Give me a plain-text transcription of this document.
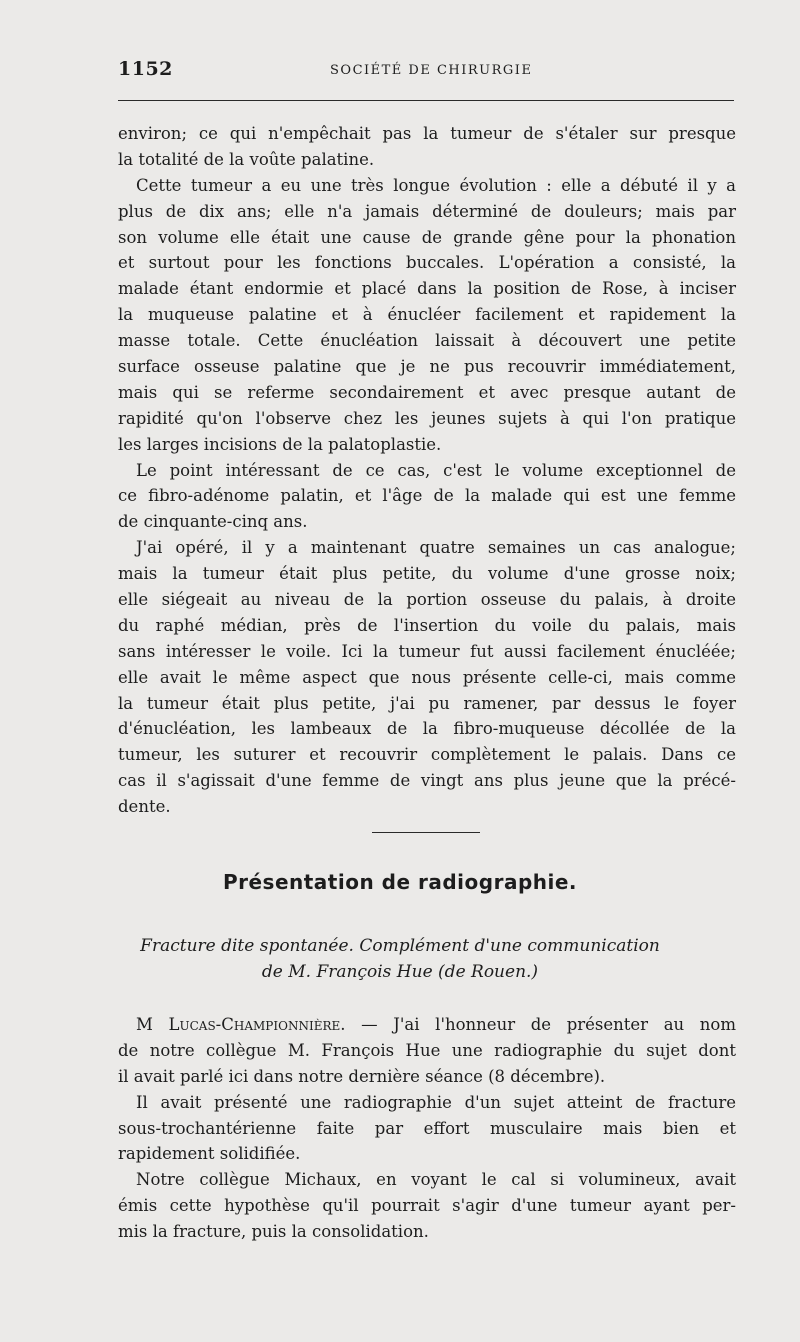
1152	SOCIÉTÉ DE CHIRURGIE
environ; ce qui n'empêchait pas la tumeur de s'étaler sur presque
la totalité de la voûte palatine.
Cette tumeur a eu une très longue évolution : elle a débuté il y a
plus de dix ans; elle n'a jamais déterminé de douleurs; mais par
son volume elle était une cause de grande gêne pour la phonation
et surtout pour les fonctions buccales. L'opération a consisté, la
malade étant endormie et placé dans la position de Rose, à inciser
la muqueuse palatine et à énucléer facilement et rapidement la
masse totale. Cette énucléation laissait à découvert une petite
surface osseuse palatine que je ne pus recouvrir immédiatement,
mais qui se referme secondairement et avec presque autant de
rapidité qu'on l'observe chez les jeunes sujets à qui l'on pratique
les larges incisions de la palatoplastie.
Le point intéressant de ce cas, c'est le volume exceptionnel de
ce fibro-adénome palatin, et l'âge de la malade qui est une femme
de cinquante-cinq ans.
J'ai opéré, il y a maintenant quatre semaines un cas analogue;
mais la tumeur était plus petite, du volume d'une grosse noix;
elle siégeait au niveau de la portion osseuse du palais, à droite
du raphé médian, près de l'insertion du voile du palais, mais
sans intéresser le voile. Ici la tumeur fut aussi facilement énucléée;
elle avait le même aspect que nous présente celle-ci, mais comme
la tumeur était plus petite, j'ai pu ramener, par dessus le foyer
d'énucléation, les lambeaux de la fibro-muqueuse décollée de la
tumeur, les suturer et recouvrir complètement le palais. Dans ce
cas il s'agissait d'une femme de vingt ans plus jeune que la précé-
dente.
Présentation de radiographie.
Fracture dite spontanée. Complément d'une communication
de M. François Hue (de Rouen.)
M Lucas-Championnière. — J'ai l'honneur de présenter au nom
de notre collègue M. François Hue une radiographie du sujet dont
il avait parlé ici dans notre dernière séance (8 décembre).
Il avait présenté une radiographie d'un sujet atteint de fracture
sous-trochantérienne faite par effort musculaire mais bien et
rapidement solidifiée.
Notre collègue Michaux, en voyant le cal si volumineux, avait
émis cette hypothèse qu'il pourrait s'agir d'une tumeur ayant per-
mis la fracture, puis la consolidation.
